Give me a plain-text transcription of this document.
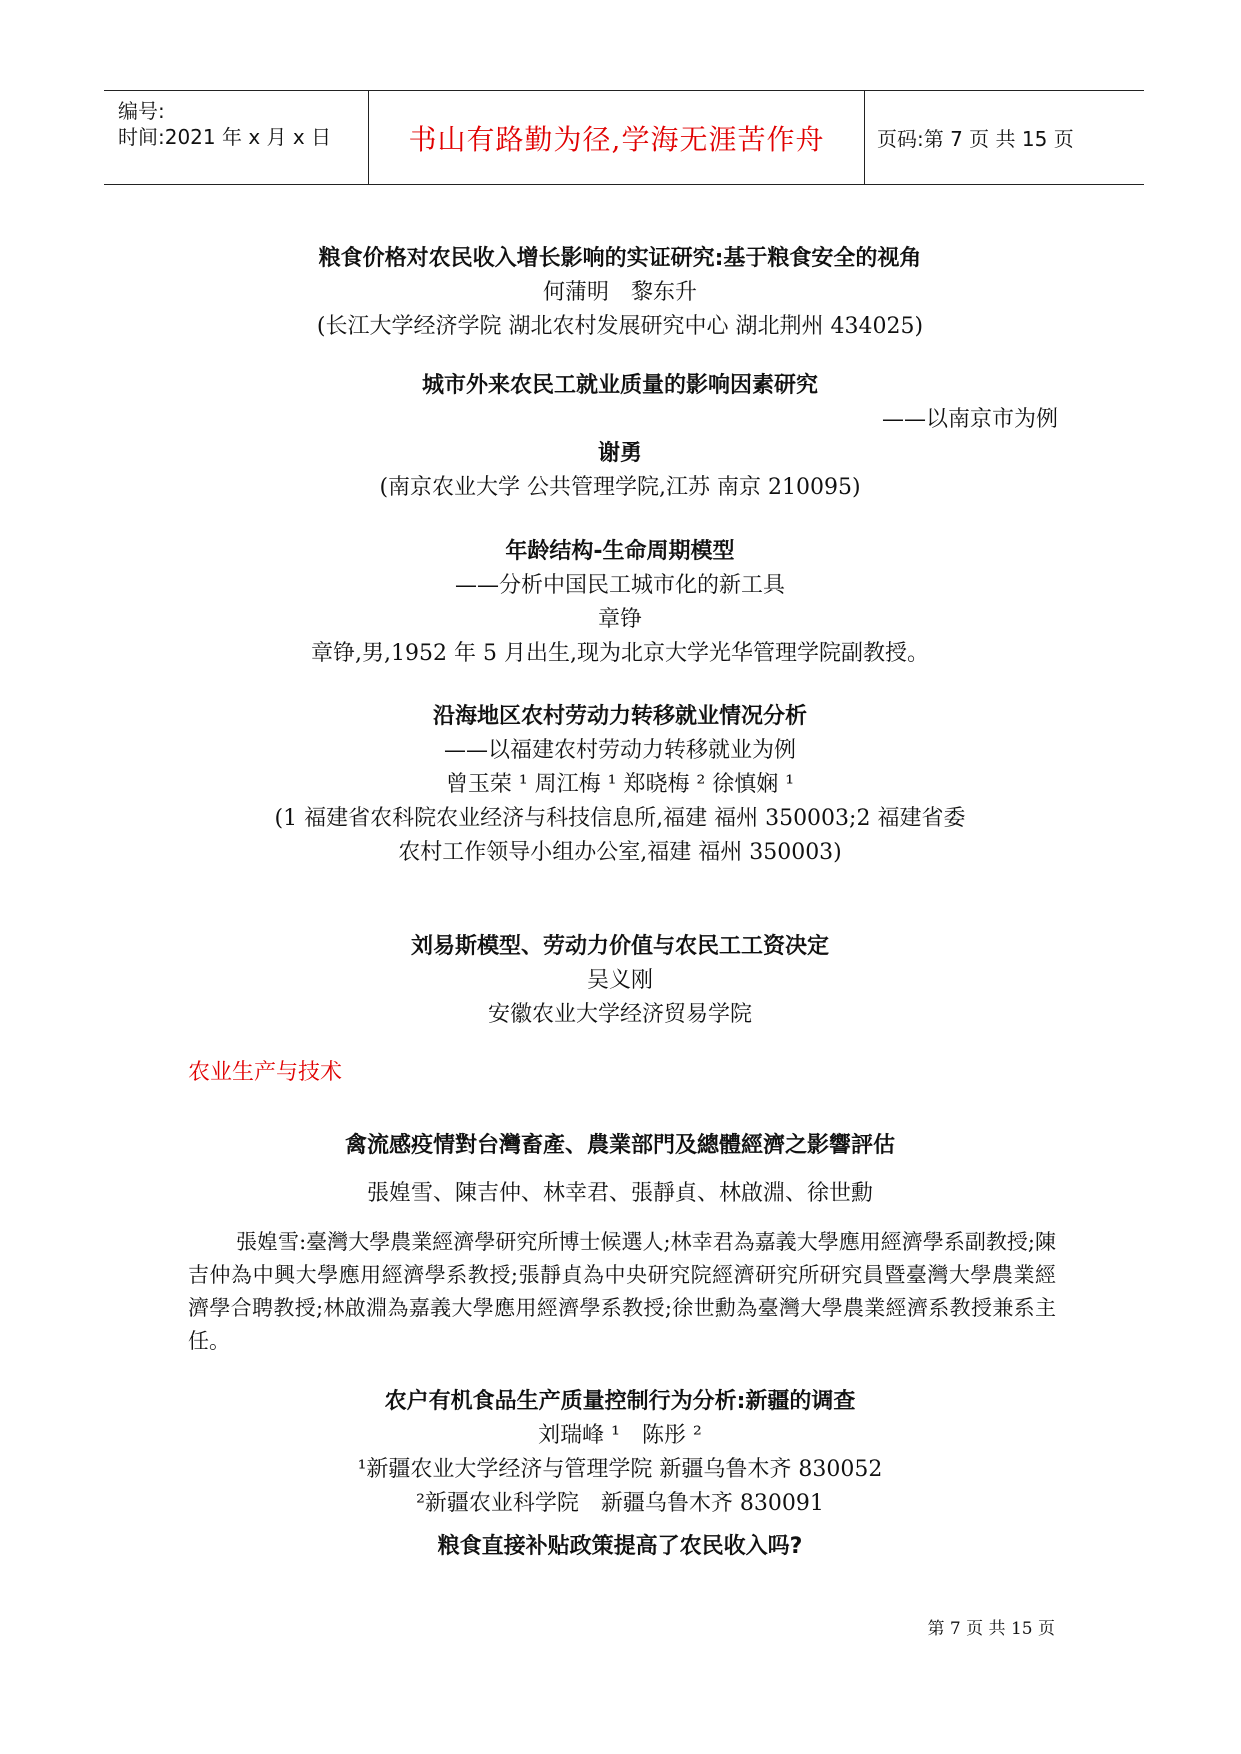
编号:
时间:2021 年 x 月 x 日	书山有路勤为径,学海无涯苦作舟	页码:第 7 页 共 15 页
粮食价格对农民收入增长影响的实证研究:基于粮食安全的视角
何蒲明　黎东升
(长江大学经济学院 湖北农村发展研究中心 湖北荆州 434025)
城市外来农民工就业质量的影响因素研究
——以南京市为例
谢勇
(南京农业大学 公共管理学院,江苏 南京 210095)
年龄结构-生命周期模型
——分析中国民工城市化的新工具
章铮
章铮,男,1952 年 5 月出生,现为北京大学光华管理学院副教授。
沿海地区农村劳动力转移就业情况分析
——以福建农村劳动力转移就业为例
曾玉荣 ¹ 周江梅 ¹ 郑晓梅 ² 徐慎娴 ¹
(1 福建省农科院农业经济与科技信息所,福建 福州 350003;2 福建省委
农村工作领导小组办公室,福建 福州 350003)
刘易斯模型、劳动力价值与农民工工资决定
吴义刚
安徽农业大学经济贸易学院
农业生产与技术
禽流感疫情對台灣畜產、農業部門及總體經濟之影響評估
張媓雪、陳吉仲、林幸君、張靜貞、林啟淵、徐世勳
張媓雪:臺灣大學農業經濟學研究所博士候選人;林幸君為嘉義大學應用經濟學系副教授;陳吉仲為中興大學應用經濟學系教授;張靜貞為中央研究院經濟研究所研究員暨臺灣大學農業經濟學合聘教授;林啟淵為嘉義大學應用經濟學系教授;徐世勳為臺灣大學農業經濟系教授兼系主任。
农户有机食品生产质量控制行为分析:新疆的调查
刘瑞峰 ¹　陈彤 ²
¹新疆农业大学经济与管理学院 新疆乌鲁木齐 830052
²新疆农业科学院　新疆乌鲁木齐 830091
粮食直接补贴政策提高了农民收入吗?
第 7 页 共 15 页
